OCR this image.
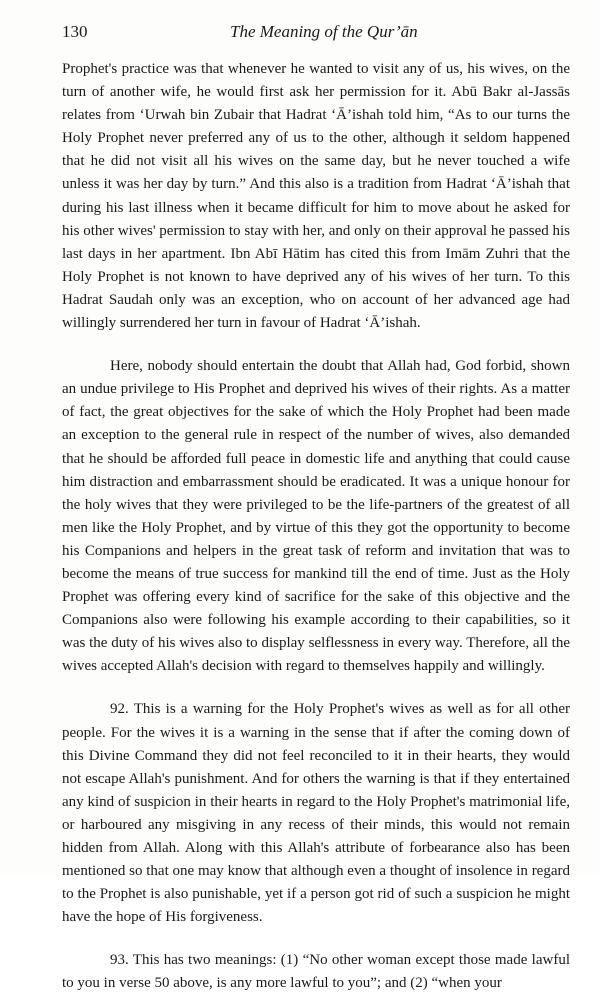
130	The Meaning of the Qur’ān

Prophet's practice was that whenever he wanted to visit any of us, his wives, on the turn of another wife, he would first ask her permission for it. Abū Bakr al-Jassās relates from ‘Urwah bin Zubair that Hadrat ‘Ā’ishah told him, “As to our turns the Holy Prophet never preferred any of us to the other, although it seldom happened that he did not visit all his wives on the same day, but he never touched a wife unless it was her day by turn.” And this also is a tradition from Hadrat ‘Ā’ishah that during his last illness when it became difficult for him to move about he asked for his other wives' permission to stay with her, and only on their approval he passed his last days in her apartment. Ibn Abī Hātim has cited this from Imām Zuhri that the Holy Prophet is not known to have deprived any of his wives of her turn. To this Hadrat Saudah only was an exception, who on account of her advanced age had willingly surrendered her turn in favour of Hadrat ‘Ā’ishah.

Here, nobody should entertain the doubt that Allah had, God forbid, shown an undue privilege to His Prophet and deprived his wives of their rights. As a matter of fact, the great objectives for the sake of which the Holy Prophet had been made an exception to the general rule in respect of the number of wives, also demanded that he should be afforded full peace in domestic life and anything that could cause him distraction and embarrassment should be eradicated. It was a unique honour for the holy wives that they were privileged to be the life-partners of the greatest of all men like the Holy Prophet, and by virtue of this they got the opportunity to become his Companions and helpers in the great task of reform and invitation that was to become the means of true success for mankind till the end of time. Just as the Holy Prophet was offering every kind of sacrifice for the sake of this objective and the Companions also were following his example according to their capabilities, so it was the duty of his wives also to display selflessness in every way. Therefore, all the wives accepted Allah's decision with regard to themselves happily and willingly.

92. This is a warning for the Holy Prophet's wives as well as for all other people. For the wives it is a warning in the sense that if after the coming down of this Divine Command they did not feel reconciled to it in their hearts, they would not escape Allah's punishment. And for others the warning is that if they entertained any kind of suspicion in their hearts in regard to the Holy Prophet's matrimonial life, or harboured any misgiving in any recess of their minds, this would not remain hidden from Allah. Along with this Allah's attribute of forbearance also has been mentioned so that one may know that although even a thought of insolence in regard to the Prophet is also punishable, yet if a person got rid of such a suspicion he might have the hope of His forgiveness.

93. This has two meanings: (1) “No other woman except those made lawful to you in verse 50 above, is any more lawful to you”; and (2) “when your
